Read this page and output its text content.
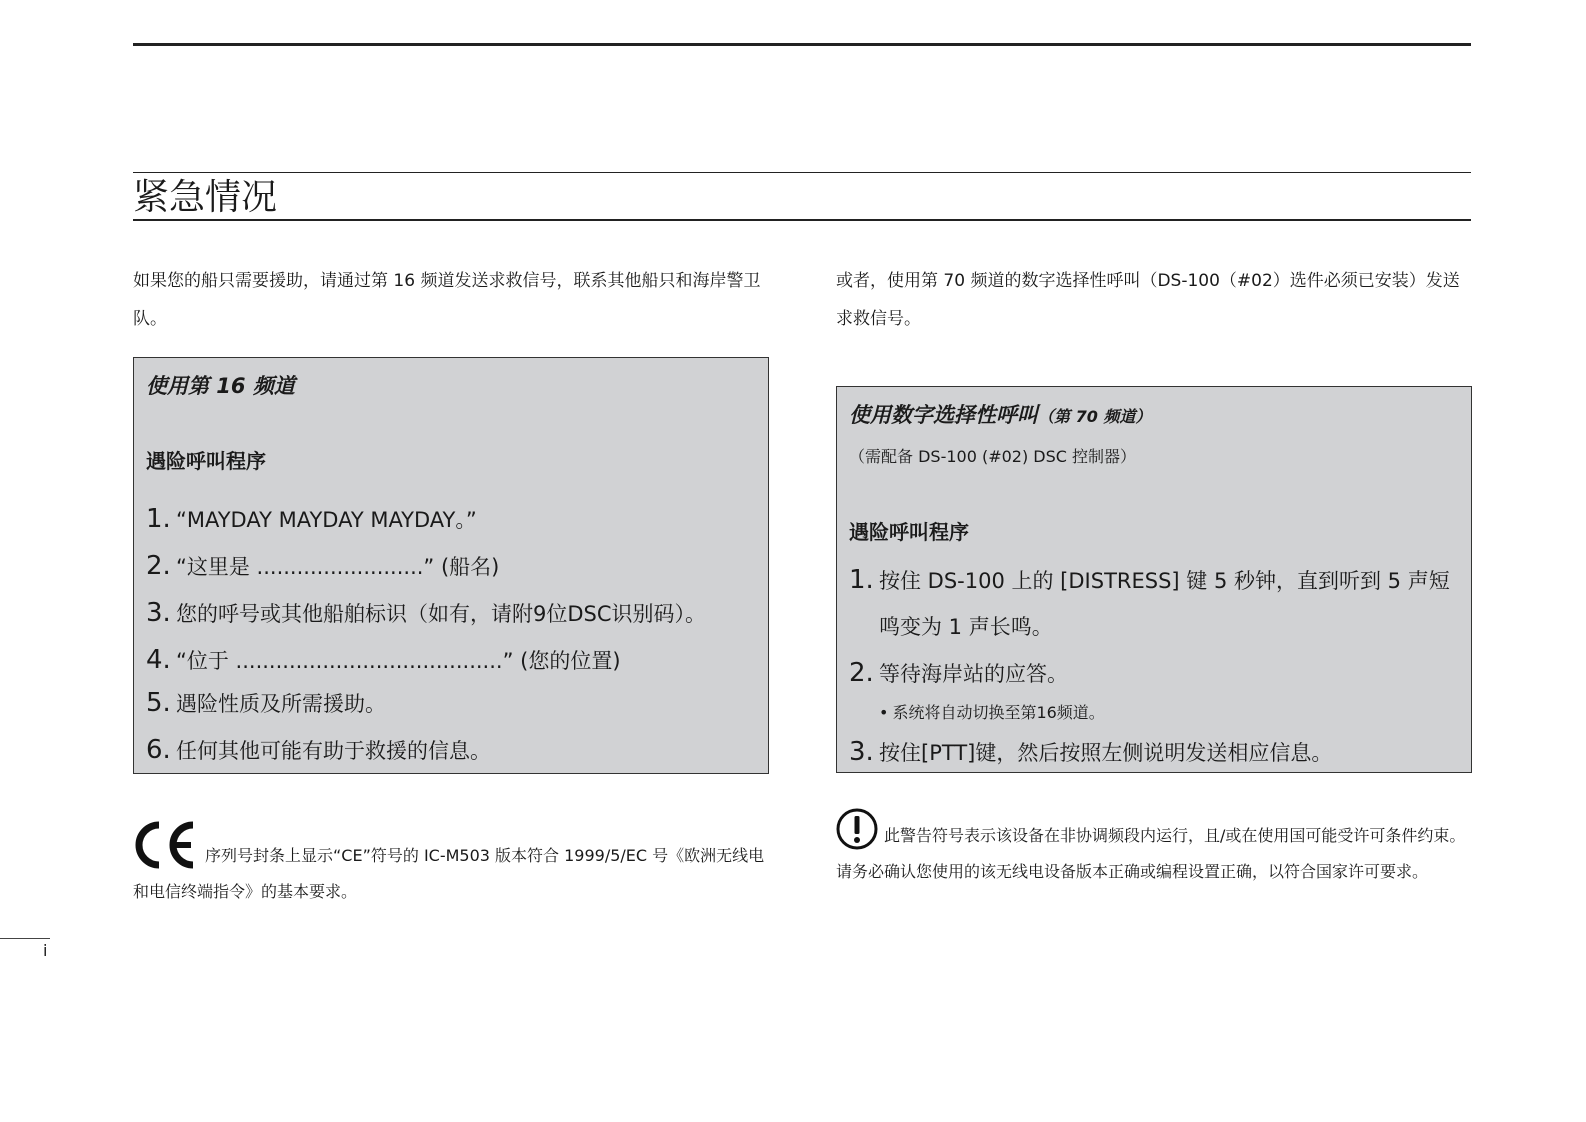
紧急情况

如果您的船只需要援助，请通过第 16 频道发送求救信号，联系其他船只和海岸警卫队。

或者，使用第 70 频道的数字选择性呼叫（DS-100（#02）选件必须已安装）发送求救信号。

使用第 16 频道

遇险呼叫程序

1. “MAYDAY MAYDAY MAYDAY。”
2. “这里是 .........................” (船名)
3. 您的呼号或其他船舶标识（如有，请附9位DSC识别码）。
4. “位于 ........................................” (您的位置)
5. 遇险性质及所需援助。
6. 任何其他可能有助于救援的信息。

使用数字选择性呼叫（第 70 频道）

（需配备 DS-100 (#02) DSC 控制器）

遇险呼叫程序

1. 按住 DS-100 上的 [DISTRESS] 键 5 秒钟，直到听到 5 声短鸣变为 1 声长鸣。
2. 等待海岸站的应答。
• 系统将自动切换至第16频道。
3. 按住[PTT]键，然后按照左侧说明发送相应信息。
序列号封条上显示“CE”符号的 IC-M503 版本符合 1999/5/EC 号《欧洲无线电和电信终端指令》的基本要求。
此警告符号表示该设备在非协调频段内运行，且/或在使用国可能受许可条件约束。请务必确认您使用的该无线电设备版本正确或编程设置正确，以符合国家许可要求。
i
